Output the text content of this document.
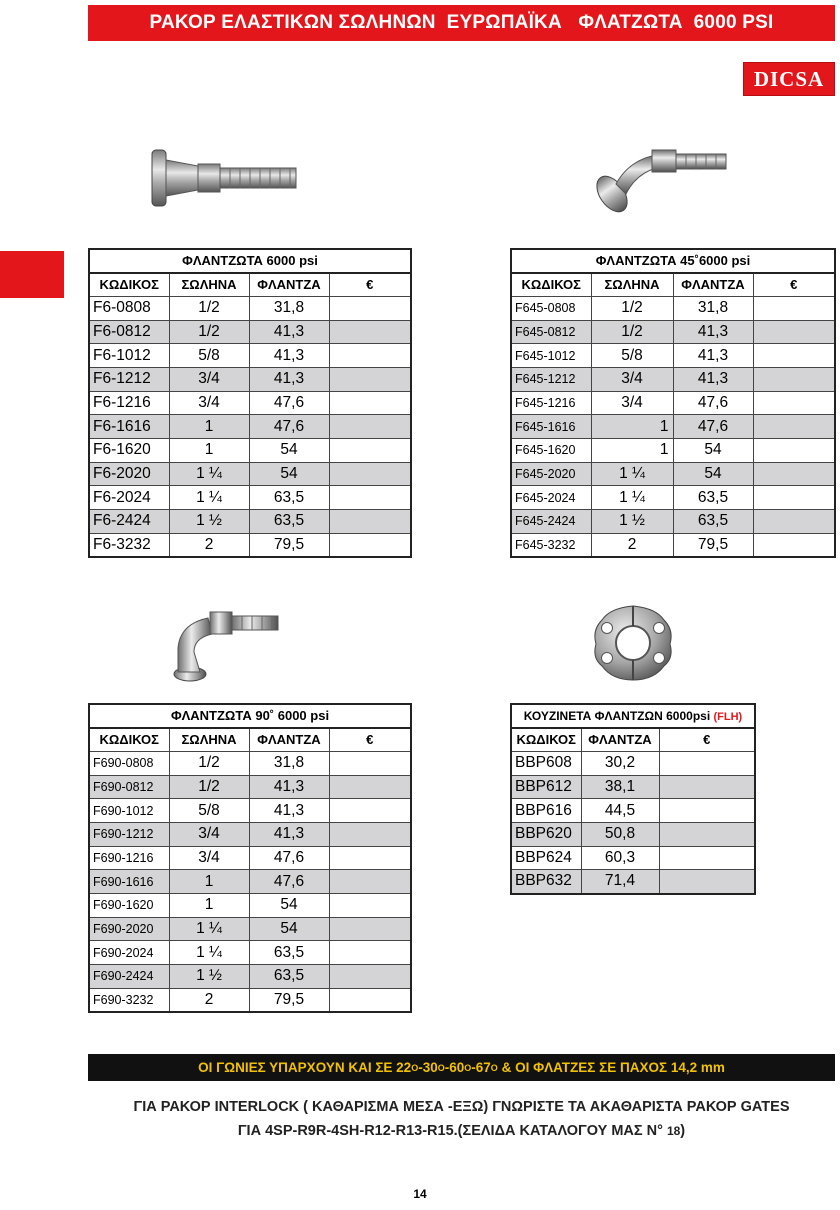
ΡΑΚΟΡ ΕΛΑΣΤΙΚΩΝ ΣΩΛΗΝΩΝ  ΕΥΡΩΠΑΪΚΑ   ΦΛΑΤΖΩΤΑ  6000 PSI
DICSA
ΦΛΑΝΤΖΩΤΑ 6000 psi			
ΚΩΔΙΚΟΣ	ΣΩΛΗΝΑ	ΦΛΑΝΤΖΑ	€
F6-0808	1/2	31,8	
F6-0812	1/2	41,3	
F6-1012	5/8	41,3	
F6-1212	3/4	41,3	
F6-1216	3/4	47,6	
F6-1616	1	47,6	
F6-1620	1	54	
F6-2020	1 ¼	54	
F6-2024	1 ¼	63,5	
F6-2424	1 ½	63,5	
F6-3232	2	79,5	
ΦΛΑΝΤΖΩΤΑ 45˚6000 psi			
ΚΩΔΙΚΟΣ	ΣΩΛΗΝΑ	ΦΛΑΝΤΖΑ	€
F645-0808	1/2	31,8	
F645-0812	1/2	41,3	
F645-1012	5/8	41,3	
F645-1212	3/4	41,3	
F645-1216	3/4	47,6	
F645-1616	1	47,6	
F645-1620	1	54	
F645-2020	1 ¼	54	
F645-2024	1 ¼	63,5	
F645-2424	1 ½	63,5	
F645-3232	2	79,5	
ΦΛΑΝΤΖΩΤΑ 90˚ 6000 psi			
ΚΩΔΙΚΟΣ	ΣΩΛΗΝΑ	ΦΛΑΝΤΖΑ	€
F690-0808	1/2	31,8	
F690-0812	1/2	41,3	
F690-1012	5/8	41,3	
F690-1212	3/4	41,3	
F690-1216	3/4	47,6	
F690-1616	1	47,6	
F690-1620	1	54	
F690-2020	1 ¼	54	
F690-2024	1 ¼	63,5	
F690-2424	1 ½	63,5	
F690-3232	2	79,5	
ΚΟΥΖΙΝΕΤΑ ΦΛΑΝΤΖΩΝ 6000psi (FLH)		
ΚΩΔΙΚΟΣ	ΦΛΑΝΤΖΑ	€
BBP608	30,2	
BBP612	38,1	
BBP616	44,5	
BBP620	50,8	
BBP624	60,3	
BBP632	71,4	
ΟΙ ΓΩΝΙΕΣ ΥΠΑΡΧΟΥΝ ΚΑΙ ΣΕ 22 O -30 O -60 O -67 O & ΟΙ ΦΛΑΤΖΕΣ ΣΕ ΠΑΧΟΣ 14,2 mm
ΓΙΑ ΡΑΚΟΡ INTERLOCK ( ΚΑΘΑΡΙΣΜΑ ΜΕΣΑ -ΕΞΩ) ΓΝΩΡΙΣΤΕ ΤΑ ΑΚΑΘΑΡΙΣΤΑ ΡΑΚΟΡ GATES
ΓΙΑ 4SP-R9R-4SH-R12-R13-R15.(ΣΕΛΙΔΑ ΚΑΤΑΛΟΓΟΥ ΜΑΣ Ν° 18)
14
